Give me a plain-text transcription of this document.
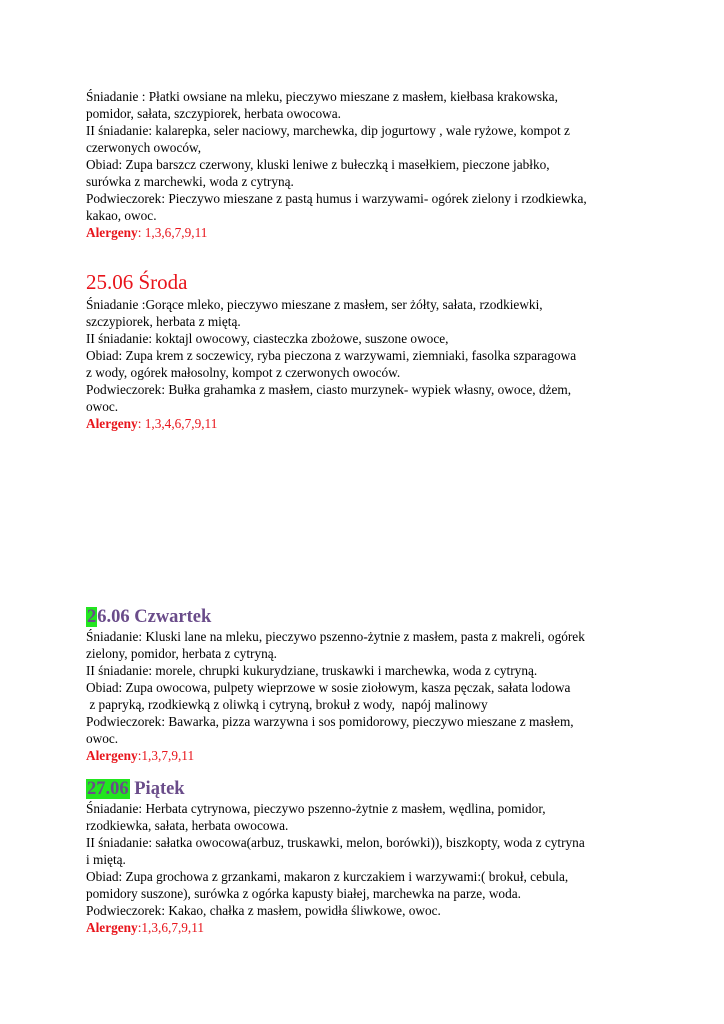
Śniadanie : Płatki owsiane na mleku, pieczywo mieszane z masłem, kiełbasa krakowska,
pomidor, sałata, szczypiorek, herbata owocowa.
II śniadanie: kalarepka, seler naciowy, marchewka, dip jogurtowy , wale ryżowe, kompot z
czerwonych owoców,
Obiad: Zupa barszcz czerwony, kluski leniwe z bułeczką i masełkiem, pieczone jabłko,
surówka z marchewki, woda z cytryną.
Podwieczorek: Pieczywo mieszane z pastą humus i warzywami- ogórek zielony i rzodkiewka,
kakao, owoc.
Alergeny: 1,3,6,7,9,11
25.06 Środa
Śniadanie :Gorące mleko, pieczywo mieszane z masłem, ser żółty, sałata, rzodkiewki,
szczypiorek, herbata z miętą.
II śniadanie: koktajl owocowy, ciasteczka zbożowe, suszone owoce,
Obiad: Zupa krem z soczewicy, ryba pieczona z warzywami, ziemniaki, fasolka szparagowa
z wody, ogórek małosolny, kompot z czerwonych owoców.
Podwieczorek: Bułka grahamka z masłem, ciasto murzynek- wypiek własny, owoce, dżem,
owoc.
Alergeny: 1,3,4,6,7,9,11
26.06 Czwartek
Śniadanie: Kluski lane na mleku, pieczywo pszenno-żytnie z masłem, pasta z makreli, ogórek
zielony, pomidor, herbata z cytryną.
II śniadanie: morele, chrupki kukurydziane, truskawki i marchewka, woda z cytryną.
Obiad: Zupa owocowa, pulpety wieprzowe w sosie ziołowym, kasza pęczak, sałata lodowa
z papryką, rzodkiewką z oliwką i cytryną, brokuł z wody,  napój malinowy
Podwieczorek: Bawarka, pizza warzywna i sos pomidorowy, pieczywo mieszane z masłem,
owoc.
Alergeny:1,3,7,9,11
27.06 Piątek
Śniadanie: Herbata cytrynowa, pieczywo pszenno-żytnie z masłem, wędlina, pomidor,
rzodkiewka, sałata, herbata owocowa.
II śniadanie: sałatka owocowa(arbuz, truskawki, melon, borówki)), biszkopty, woda z cytryna
i miętą.
Obiad: Zupa grochowa z grzankami, makaron z kurczakiem i warzywami:( brokuł, cebula,
pomidory suszone), surówka z ogórka kapusty białej, marchewka na parze, woda.
Podwieczorek: Kakao, chałka z masłem, powidła śliwkowe, owoc.
Alergeny:1,3,6,7,9,11
